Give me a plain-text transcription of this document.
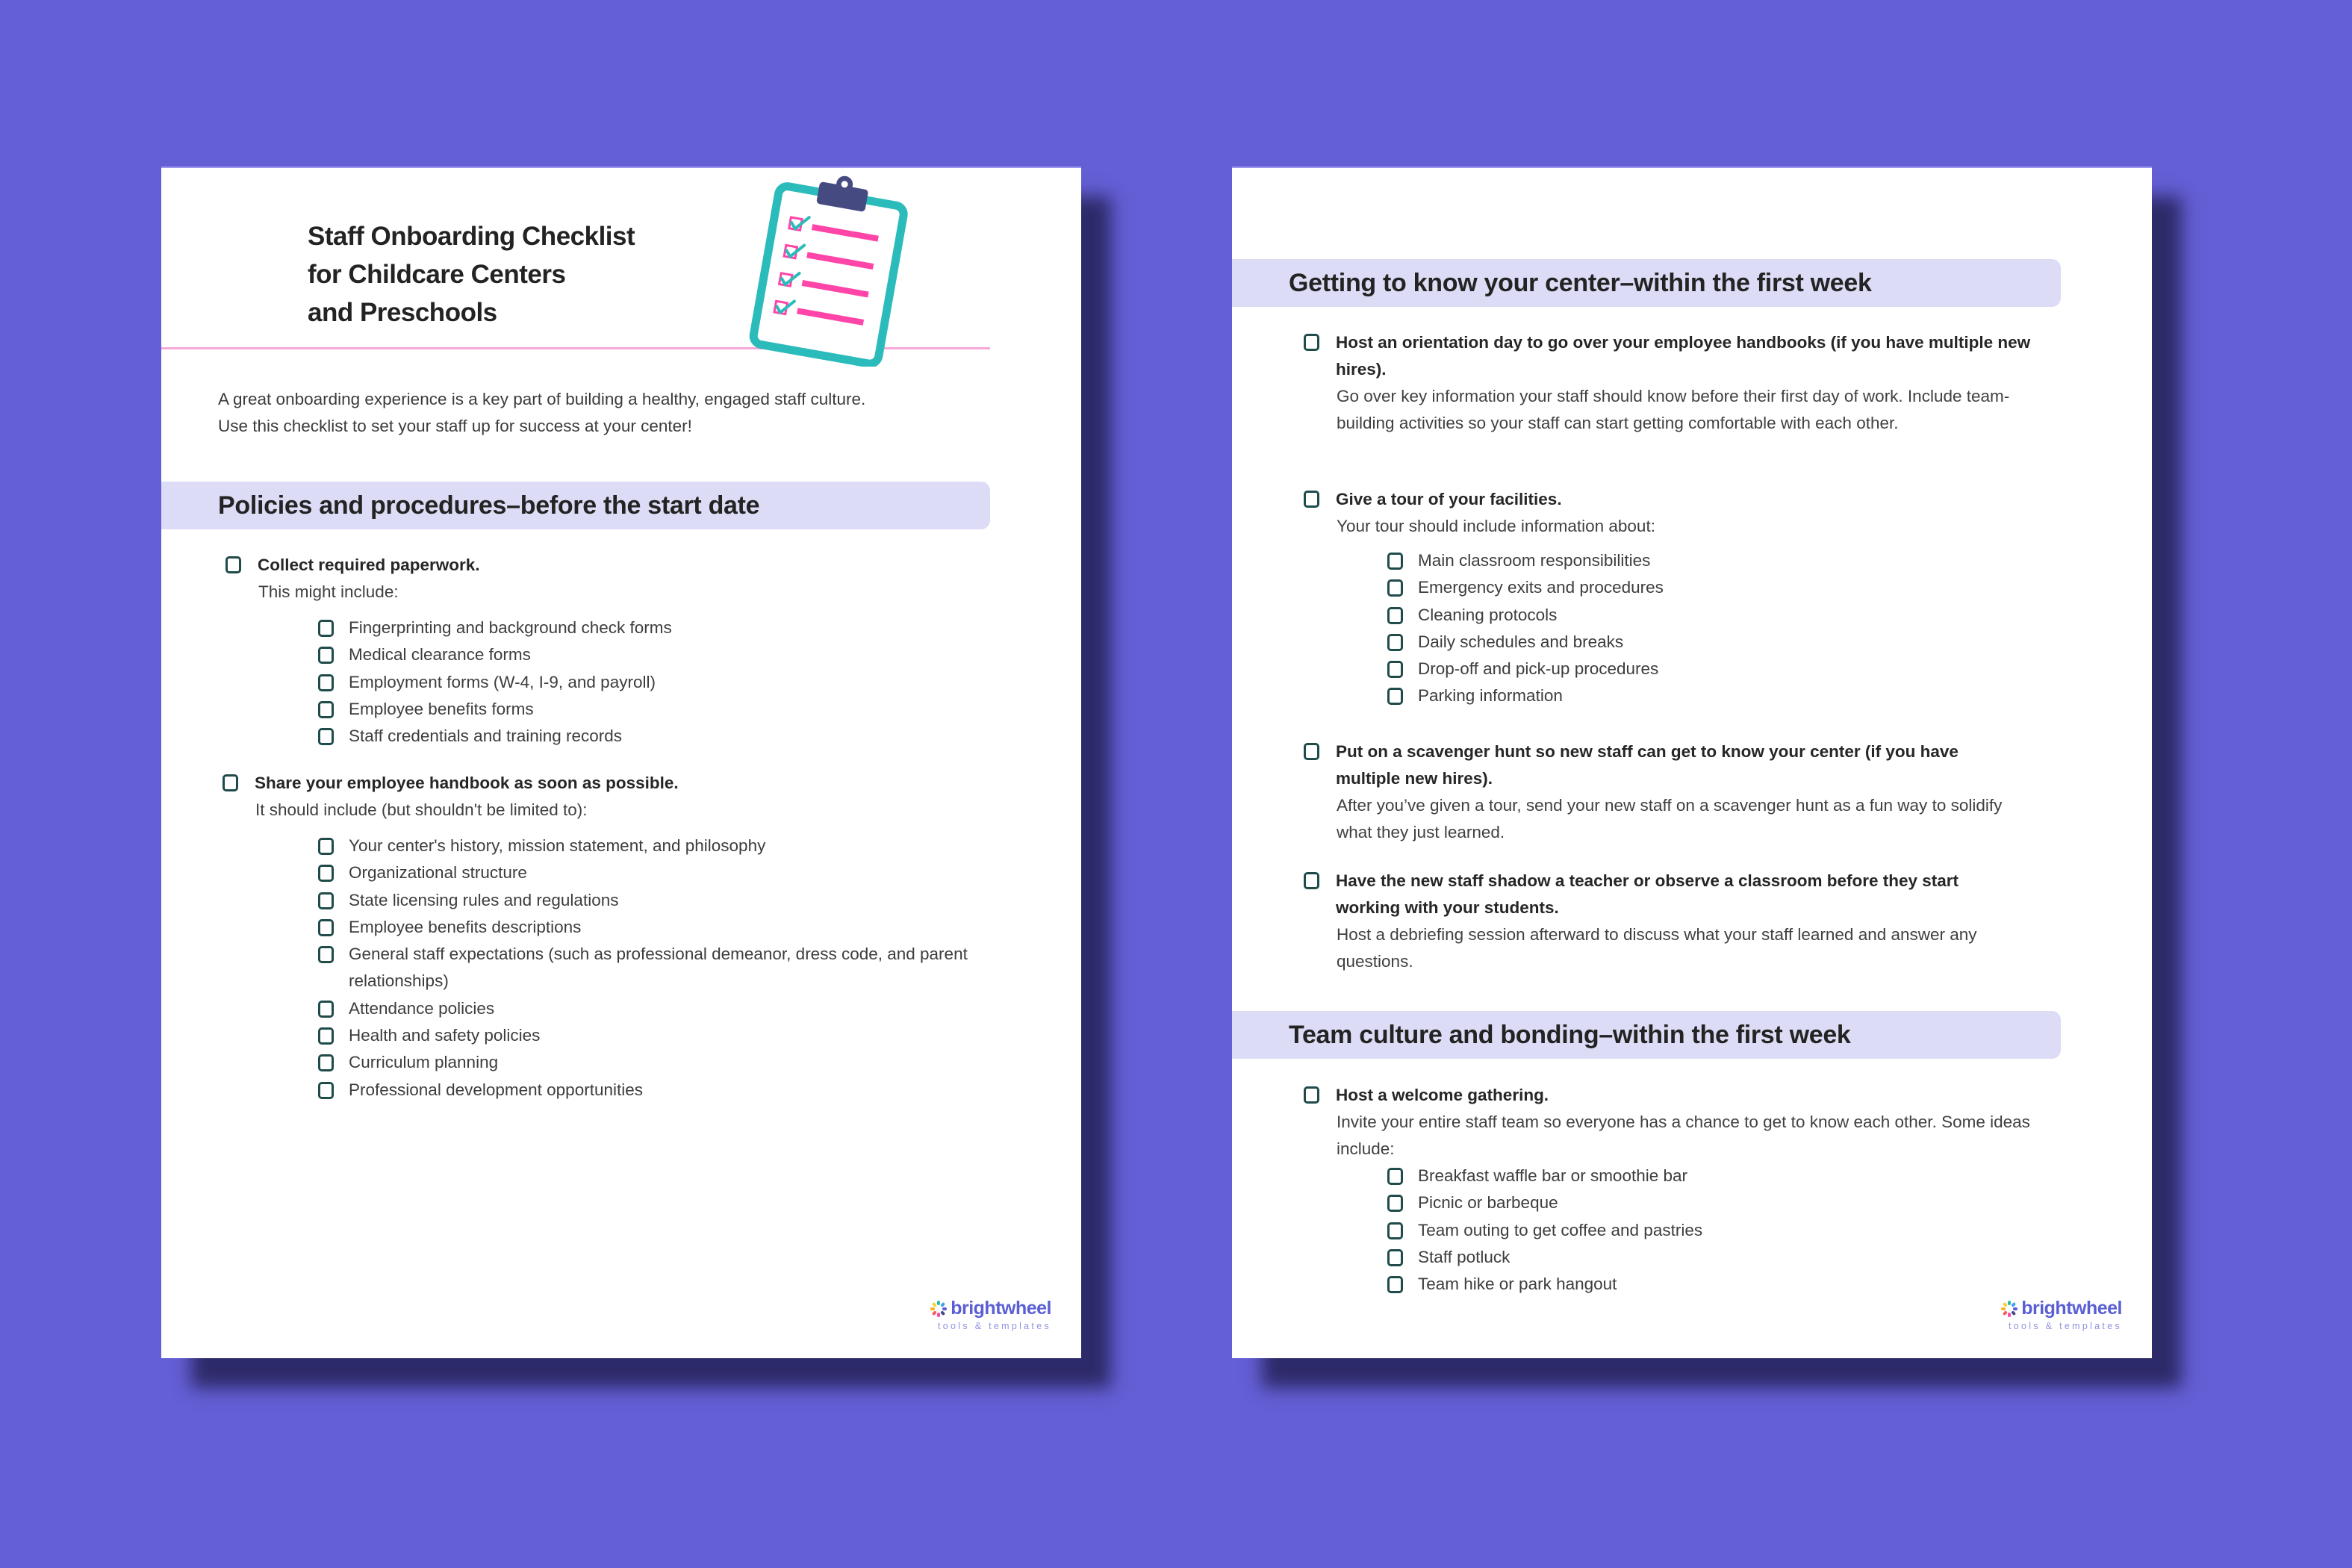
Staff Onboarding Checklist
for Childcare Centers
and Preschools

A great onboarding experience is a key part of building a healthy, engaged staff culture. Use this checklist to set your staff up for success at your center!

Policies and procedures–before the start date
Collect required paperwork.
This might include:
Fingerprinting and background check forms
Medical clearance forms
Employment forms (W-4, I-9, and payroll)
Employee benefits forms
Staff credentials and training records
Share your employee handbook as soon as possible.
It should include (but shouldn't be limited to):
Your center's history, mission statement, and philosophy
Organizational structure
State licensing rules and regulations
Employee benefits descriptions
General staff expectations (such as professional demeanor, dress code, and parent relationships)
Attendance policies
Health and safety policies
Curriculum planning
Professional development opportunities
brightwheel
tools & templates
Getting to know your center–within the first week
Host an orientation day to go over your employee handbooks (if you have multiple new hires).
Go over key information your staff should know before their first day of work. Include team-building activities so your staff can start getting comfortable with each other.
Give a tour of your facilities.
Your tour should include information about:
Main classroom responsibilities
Emergency exits and procedures
Cleaning protocols
Daily schedules and breaks
Drop-off and pick-up procedures
Parking information
Put on a scavenger hunt so new staff can get to know your center (if you have multiple new hires).
After you’ve given a tour, send your new staff on a scavenger hunt as a fun way to solidify what they just learned.
Have the new staff shadow a teacher or observe a classroom before they start working with your students.
Host a debriefing session afterward to discuss what your staff learned and answer any questions.
Team culture and bonding–within the first week
Host a welcome gathering.
Invite your entire staff team so everyone has a chance to get to know each other. Some ideas include:
Breakfast waffle bar or smoothie bar
Picnic or barbeque
Team outing to get coffee and pastries
Staff potluck
Team hike or park hangout
brightwheel
tools & templates
